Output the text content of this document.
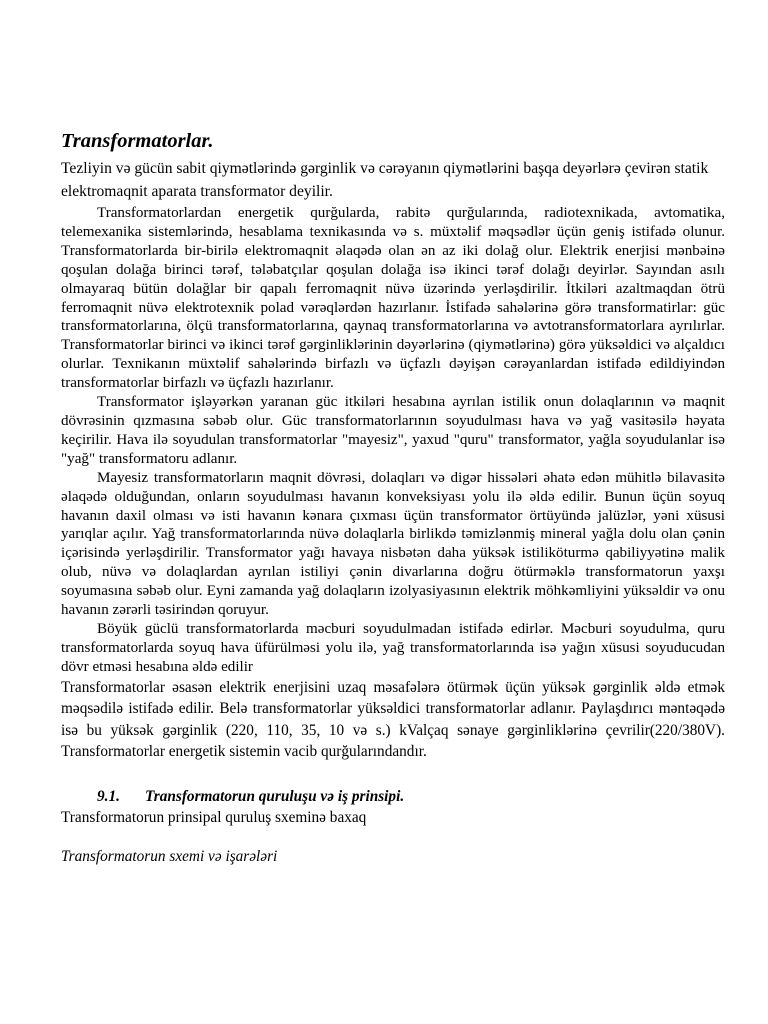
Transformatorlar.

Tezliyin və gücün sabit qiymətlərində gərginlik və cərəyanın qiymətlərini başqa deyərlərə çevirən statik elektromaqnit aparata transformator deyilir.

Transformatorlardan energetik qurğularda, rabitə qurğularında, radiotexnikada, avtomatika, telemexanika sistemlərində, hesablama texnikasında və s. müxtəlif məqsədlər üçün geniş istifadə olunur. Transformatorlarda bir-birilə elektromaqnit əlaqədə olan ən az iki dolağ olur. Elektrik enerjisi mənbəinə qoşulan dolağa birinci tərəf, tələbatçılar qoşulan dolağa isə ikinci tərəf dolağı deyirlər. Sayından asılı olmayaraq bütün dolağlar bir qapalı ferromaqnit nüvə üzərində yerləşdirilir. İtkiləri azaltmaqdan ötrü ferromaqnit nüvə elektrotexnik polad vərəqlərdən hazırlanır. İstifadə sahələrinə görə transformatirlar: güc transformatorlarına, ölçü transformatorlarına, qaynaq transformatorlarına və avtotransformatorlara ayrılırlar. Transformatorlar birinci və ikinci tərəf gərginliklərinin dəyərlərinə (qiymətlərinə) görə yüksəldici və alçaldıcı olurlar. Texnikanın müxtəlif sahələrində birfazlı və üçfazlı dəyişən cərəyanlardan istifadə edildiyindən transformatorlar birfazlı və üçfazlı hazırlanır.

Transformator işləyərkən yaranan güc itkiləri hesabına ayrılan istilik onun dolaqlarının və maqnit dövrəsinin qızmasına səbəb olur. Güc transformatorlarının soyudulması hava və yağ vasitəsilə həyata keçirilir. Hava ilə soyudulan transformatorlar "mayesiz", yaxud "quru" transformator, yağla soyudulanlar isə "yağ" transformatoru adlanır.

Mayesiz transformatorların maqnit dövrəsi, dolaqları və digər hissələri əhatə edən mühitlə bilavasitə əlaqədə olduğundan, onların soyudulması havanın konveksiyası yolu ilə əldə edilir. Bunun üçün soyuq havanın daxil olması və isti havanın kənara çıxması üçün transformator örtüyündə jalüzlər, yəni xüsusi yarıqlar açılır. Yağ transformatorlarında nüvə dolaqlarla birlikdə təmizlənmiş mineral yağla dolu olan çənin içərisində yerləşdirilir. Transformator yağı havaya nisbətən daha yüksək istiliköturmə qabiliyyətinə malik olub, nüvə və dolaqlardan ayrılan istiliyi çənin divarlarına doğru ötürməklə transformatorun yaxşı soyumasına səbəb olur. Eyni zamanda yağ dolaqların izolyasiyasının elektrik möhkəmliyini yüksəldir və onu havanın zərərli təsirindən qoruyur.

Böyük güclü transformatorlarda məcburi soyudulmadan istifadə edirlər. Məcburi soyudulma, quru transformatorlarda soyuq hava üfürülməsi yolu ilə, yağ transformatorlarında isə yağın xüsusi soyuducudan dövr etməsi hesabına əldə edilir

Transformatorlar əsasən elektrik enerjisini uzaq məsafələrə ötürmək üçün yüksək gərginlik əldə etmək məqsədilə istifadə edilir. Belə transformatorlar yüksəldici transformatorlar adlanır. Paylaşdırıcı məntəqədə isə bu yüksək gərginlik (220, 110, 35, 10 və s.) kValçaq sənaye gərginliklərinə çevrilir(220/380V). Transformatorlar energetik sistemin vacib qurğularındandır.

9.1. Transformatorun quruluşu və iş prinsipi.

Transformatorun prinsipal quruluş sxeminə baxaq

Transformatorun sxemi və işarələri
